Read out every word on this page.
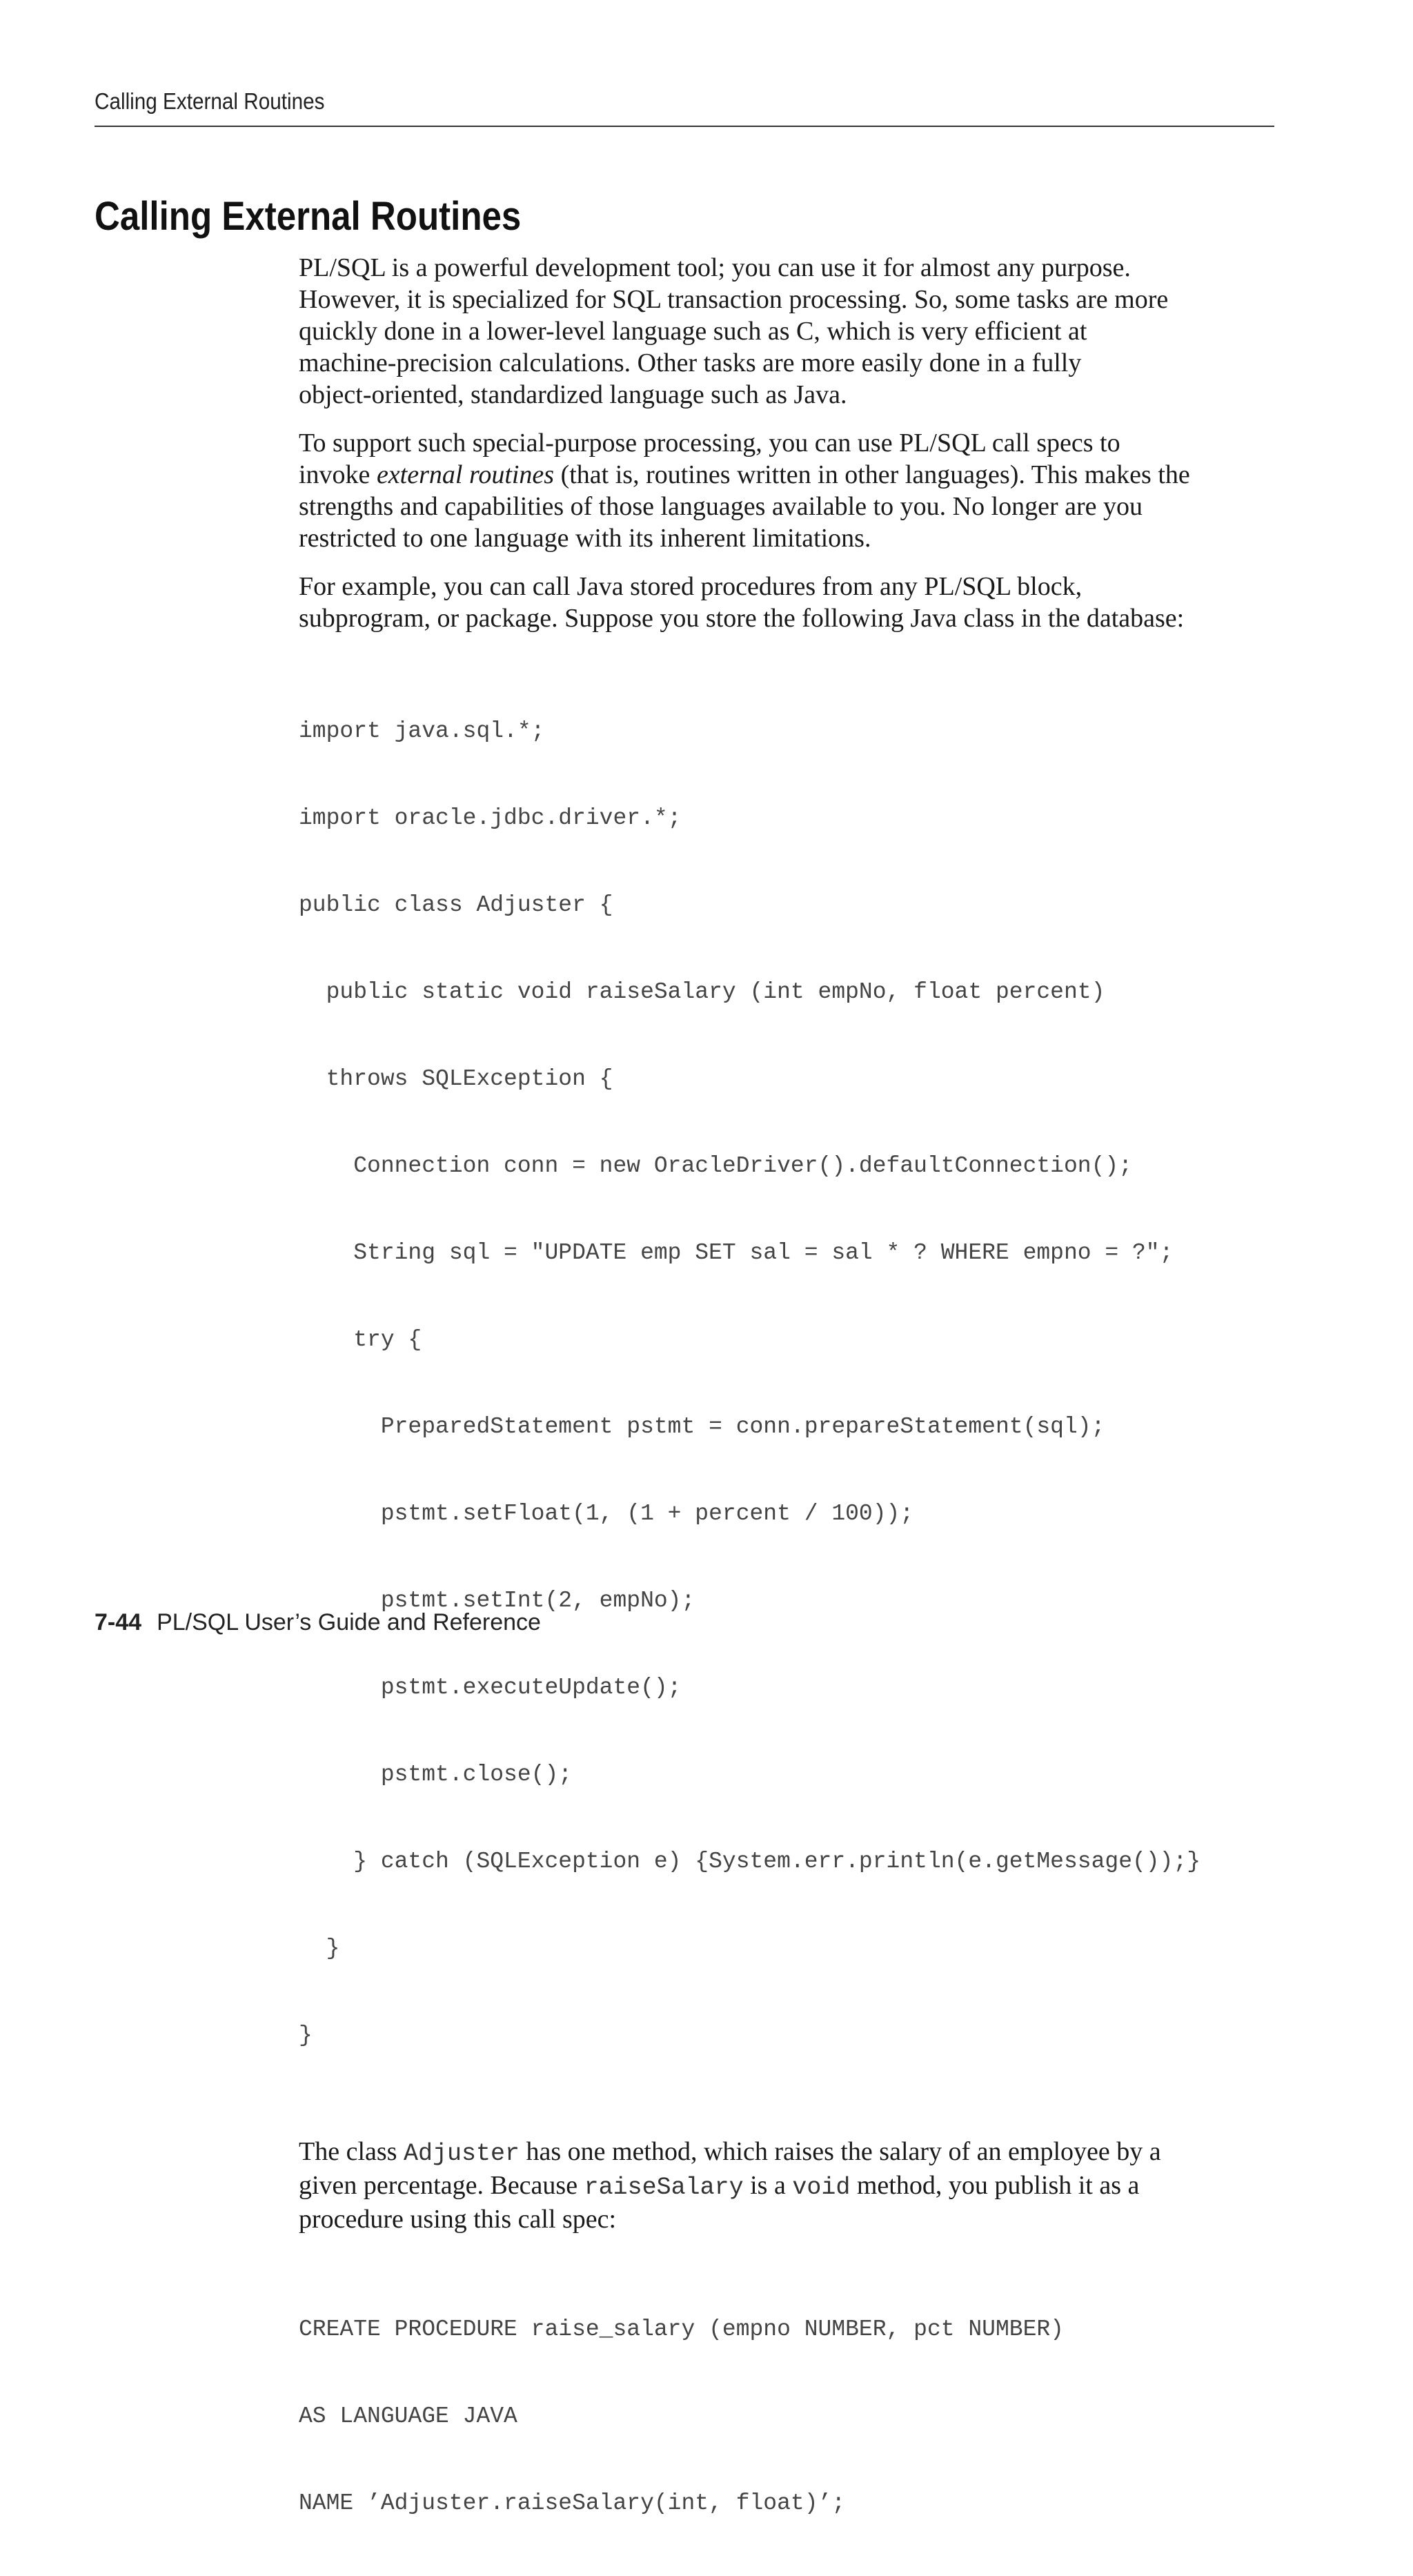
Calling External Routines
Calling External Routines

PL/SQL is a powerful development tool; you can use it for almost any purpose.
However, it is specialized for SQL transaction processing. So, some tasks are more
quickly done in a lower-level language such as C, which is very efficient at
machine-precision calculations. Other tasks are more easily done in a fully
object-oriented, standardized language such as Java.

To support such special-purpose processing, you can use PL/SQL call specs to
invoke external routines (that is, routines written in other languages). This makes the
strengths and capabilities of those languages available to you. No longer are you
restricted to one language with its inherent limitations.

For example, you can call Java stored procedures from any PL/SQL block,
subprogram, or package. Suppose you store the following Java class in the database:

import java.sql.*;

import oracle.jdbc.driver.*;

public class Adjuster {

public static void raiseSalary (int empNo, float percent)

throws SQLException {

Connection conn = new OracleDriver().defaultConnection();

String sql = "UPDATE emp SET sal = sal * ? WHERE empno = ?";

try {

PreparedStatement pstmt = conn.prepareStatement(sql);

pstmt.setFloat(1, (1 + percent / 100));

pstmt.setInt(2, empNo);

pstmt.executeUpdate();

pstmt.close();

} catch (SQLException e) {System.err.println(e.getMessage());}

}

}

The class Adjuster has one method, which raises the salary of an employee by a
given percentage. Because raiseSalary is a void method, you publish it as a
procedure using this call spec:

CREATE PROCEDURE raise_salary (empno NUMBER, pct NUMBER)

AS LANGUAGE JAVA

NAME ’Adjuster.raiseSalary(int, float)’;

7-44 PL/SQL User’s Guide and Reference
